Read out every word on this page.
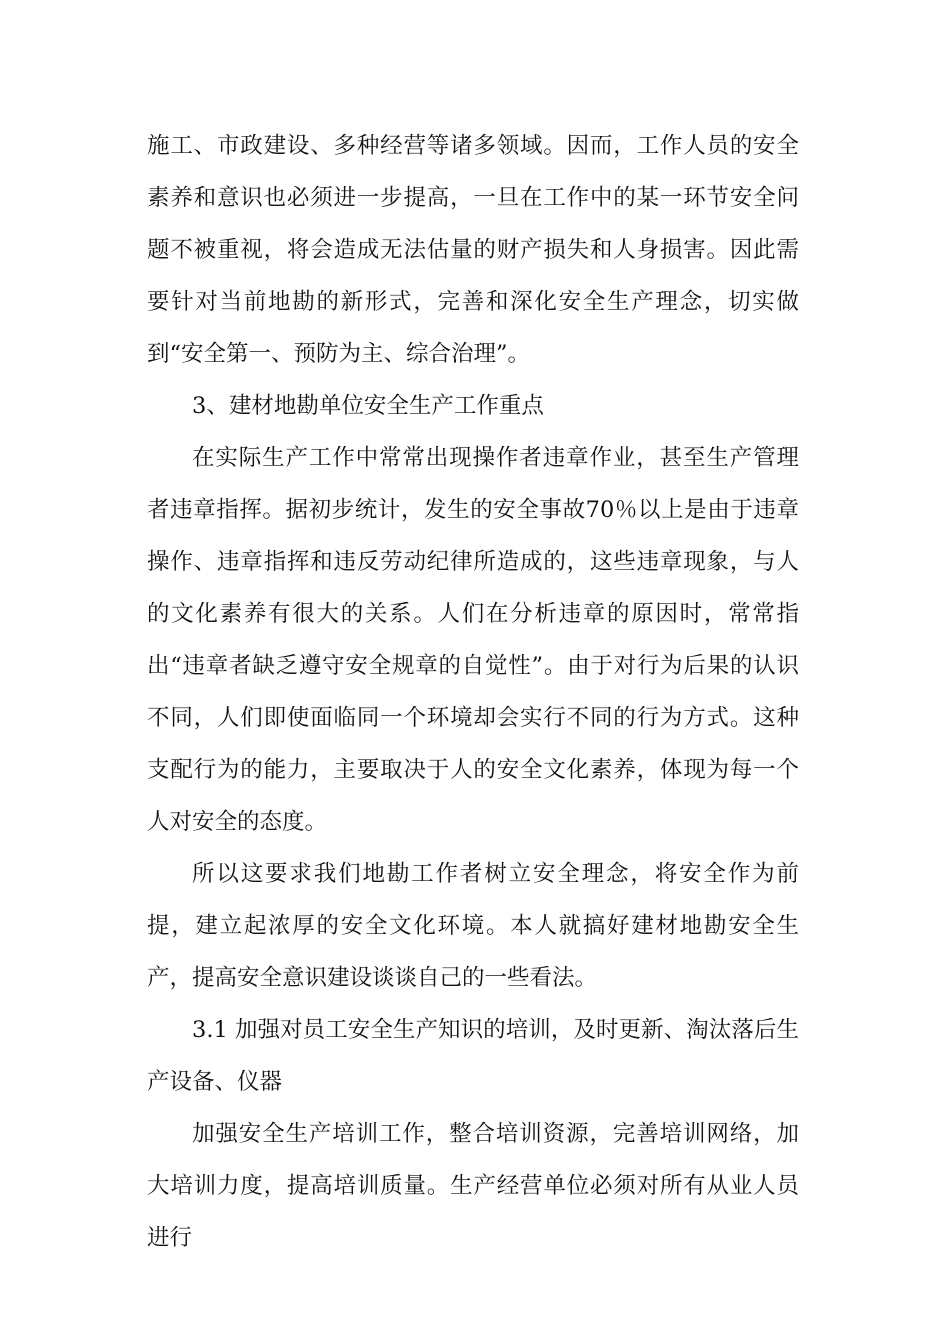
施工、市政建设、多种经营等诸多领域。因而，工作人员的安全素养和意识也必须进一步提高，一旦在工作中的某一环节安全问题不被重视，将会造成无法估量的财产损失和人身损害。因此需要针对当前地勘的新形式，完善和深化安全生产理念，切实做到“安全第一、预防为主、综合治理”。

3、建材地勘单位安全生产工作重点

在实际生产工作中常常出现操作者违章作业，甚至生产管理者违章指挥。据初步统计，发生的安全事故70％以上是由于违章操作、违章指挥和违反劳动纪律所造成的，这些违章现象，与人的文化素养有很大的关系。人们在分析违章的原因时，常常指出“违章者缺乏遵守安全规章的自觉性”。由于对行为后果的认识不同，人们即使面临同一个环境却会实行不同的行为方式。这种支配行为的能力，主要取决于人的安全文化素养，体现为每一个人对安全的态度。

所以这要求我们地勘工作者树立安全理念，将安全作为前提，建立起浓厚的安全文化环境。本人就搞好建材地勘安全生产，提高安全意识建设谈谈自己的一些看法。

3.1 加强对员工安全生产知识的培训，及时更新、淘汰落后生产设备、仪器

加强安全生产培训工作，整合培训资源，完善培训网络，加大培训力度，提高培训质量。生产经营单位必须对所有从业人员进行
